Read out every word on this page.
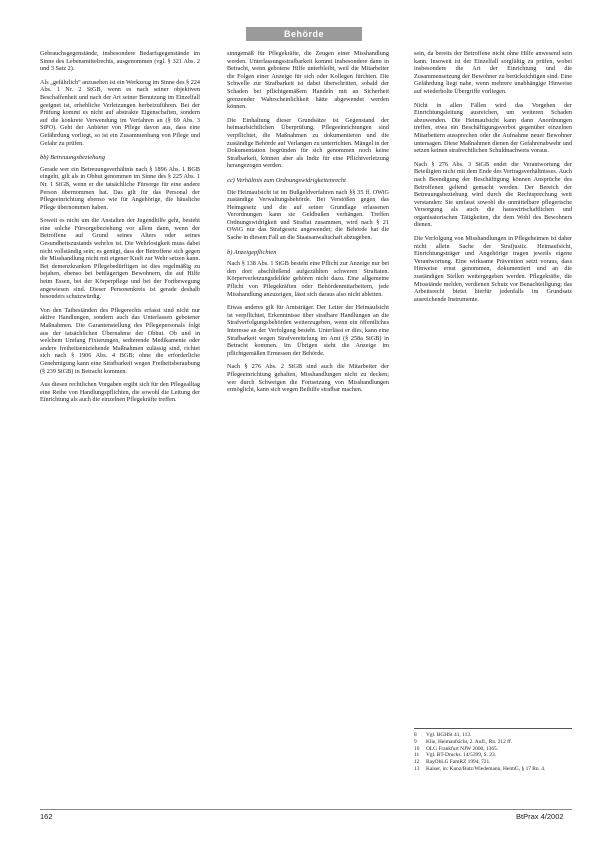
Behörde

Gebrauchsgegenstände, insbesondere Bedarfsgegenstände im Sinne des Lebensmittelrechts, ausgenommen (vgl. § 321 Abs. 2 und 3 Satz 2).

Als „gefährlich“ anzusehen ist ein Werkzeug im Sinne des § 224 Abs. 1 Nr. 2 StGB, wenn es nach seiner objektiven Beschaffenheit und nach der Art seiner Benutzung im Einzelfall geeignet ist, erhebliche Verletzungen herbeizuführen. Bei der Prüfung kommt es nicht auf abstrakte Eigenschaften, sondern auf die konkrete Verwendung im Verfahren an (§ 69 Abs. 3 StPO). Geht der Anbieter von Pflege davon aus, dass eine Gefährdung vorliegt, so ist ein Zusammenhang von Pflege und Gefahr zu prüfen.

bb) Betreuungsbeziehung

Gerade wer ein Betreuungsverhältnis nach § 1896 Abs. 1 BGB eingeht, gilt als in Obhut genommen im Sinne des § 225 Abs. 1 Nr. 1 StGB, wenn er die tatsächliche Fürsorge für eine andere Person übernommen hat. Das gilt für das Personal der Pflegeeinrichtung ebenso wie für Angehörige, die häusliche Pflege übernommen haben.

Soweit es nicht um die Anstalten der Jugendhilfe geht, besteht eine solche Fürsorgebeziehung vor allem dann, wenn der Betroffene auf Grund seines Alters oder seines Gesundheitszustands wehrlos ist. Die Wehrlosigkeit muss dabei nicht vollständig sein; es genügt, dass der Betroffene sich gegen die Misshandlung nicht mit eigener Kraft zur Wehr setzen kann. Bei demenzkranken Pflegebedürftigen ist dies regelmäßig zu bejahen, ebenso bei bettlägerigen Bewohnern, die auf Hilfe beim Essen, bei der Körperpflege und bei der Fortbewegung angewiesen sind. Dieser Personenkreis ist gerade deshalb besonders schutzwürdig.

Von den Tatbeständen des Pflegerechts erfasst sind nicht nur aktive Handlungen, sondern auch das Unterlassen gebotener Maßnahmen. Die Garantenstellung des Pflegepersonals folgt aus der tatsächlichen Übernahme der Obhut. Ob und in welchem Umfang Fixierungen, sedierende Medikamente oder andere freiheitsentziehende Maßnahmen zulässig sind, richtet sich nach § 1906 Abs. 4 BGB; ohne die erforderliche Genehmigung kann eine Strafbarkeit wegen Freiheitsberaubung (§ 239 StGB) in Betracht kommen.

Aus diesen rechtlichen Vorgaben ergibt sich für den Pflegealltag eine Reihe von Handlungspflichten, die sowohl die Leitung der Einrichtung als auch die einzelnen Pflegekräfte treffen.

sinngemäß für Pflegekräfte, die Zeugen einer Misshandlung werden. Unterlassungsstrafbarkeit kommt insbesondere dann in Betracht, wenn gebotene Hilfe unterbleibt, weil die Mitarbeiter die Folgen einer Anzeige für sich oder Kollegen fürchten. Die Schwelle zur Strafbarkeit ist dabei überschritten, sobald der Schaden bei pflichtgemäßem Handeln mit an Sicherheit grenzender Wahrscheinlichkeit hätte abgewendet werden können.

Die Einhaltung dieser Grundsätze ist Gegenstand der heimaufsichtlichen Überprüfung. Pflegeeinrichtungen sind verpflichtet, die Maßnahmen zu dokumentieren und die zuständige Behörde auf Verlangen zu unterrichten. Mängel in der Dokumentation begründen für sich genommen noch keine Strafbarkeit, können aber als Indiz für eine Pflichtverletzung herangezogen werden.

cc) Verhältnis zum Ordnungswidrigkeitenrecht

Die Heimaufsicht ist im Bußgeldverfahren nach §§ 35 ff. OWiG zuständige Verwaltungsbehörde. Bei Verstößen gegen das Heimgesetz und die auf seiner Grundlage erlassenen Verordnungen kann sie Geldbußen verhängen. Treffen Ordnungswidrigkeit und Straftat zusammen, wird nach § 21 OWiG nur das Strafgesetz angewendet; die Behörde hat die Sache in diesem Fall an die Staatsanwaltschaft abzugeben.

b) Anzeigepflichten

Nach § 138 Abs. 1 StGB besteht eine Pflicht zur Anzeige nur bei den dort abschließend aufgezählten schweren Straftaten. Körperverletzungsdelikte gehören nicht dazu. Eine allgemeine Pflicht von Pflegekräften oder Behördenmitarbeitern, jede Misshandlung anzuzeigen, lässt sich daraus also nicht ableiten.

Etwas anderes gilt für Amtsträger. Der Leiter der Heimaufsicht ist verpflichtet, Erkenntnisse über strafbare Handlungen an die Strafverfolgungsbehörden weiterzugeben, wenn ein öffentliches Interesse an der Verfolgung besteht. Unterlässt er dies, kann eine Strafbarkeit wegen Strafvereitelung im Amt (§ 258a StGB) in Betracht kommen. Im Übrigen steht die Anzeige im pflichtgemäßen Ermessen der Behörde.

Nach § 276 Abs. 2 StGB sind auch die Mitarbeiter der Pflegeeinrichtung gehalten, Misshandlungen nicht zu decken; wer durch Schweigen die Fortsetzung von Misshandlungen ermöglicht, kann sich wegen Beihilfe strafbar machen.

sein, da bereits der Betroffene nicht ohne Hilfe anwesend sein kann. Insoweit ist der Einzelfall sorgfältig zu prüfen, wobei insbesondere die Art der Einrichtung und die Zusammensetzung der Bewohner zu berücksichtigen sind. Eine Gefährdung liegt nahe, wenn mehrere unabhängige Hinweise auf wiederholte Übergriffe vorliegen.

Nicht in allen Fällen wird das Vorgehen der Einrichtungsleitung ausreichen, um weiteren Schaden abzuwenden. Die Heimaufsicht kann dann Anordnungen treffen, etwa ein Beschäftigungsverbot gegenüber einzelnen Mitarbeitern aussprechen oder die Aufnahme neuer Bewohner untersagen. Diese Maßnahmen dienen der Gefahrenabwehr und setzen keinen strafrechtlichen Schuldnachweis voraus.

Nach § 276 Abs. 3 StGB endet die Verantwortung der Beteiligten nicht mit dem Ende des Vertragsverhältnisses. Auch nach Beendigung der Beschäftigung können Ansprüche des Betroffenen geltend gemacht werden. Der Bereich der Betreuungsbeziehung wird durch die Rechtsprechung weit verstanden: Sie umfasst sowohl die unmittelbare pflegerische Versorgung als auch die hauswirtschaftlichen und organisatorischen Tätigkeiten, die dem Wohl des Bewohners dienen.

Die Verfolgung von Misshandlungen in Pflegeheimen ist daher nicht allein Sache der Strafjustiz. Heimaufsicht, Einrichtungsträger und Angehörige tragen jeweils eigene Verantwortung. Eine wirksame Prävention setzt voraus, dass Hinweise ernst genommen, dokumentiert und an die zuständigen Stellen weitergegeben werden. Pflegekräfte, die Missstände melden, verdienen Schutz vor Benachteiligung; das Arbeitsrecht bietet hierfür jedenfalls im Grundsatz ausreichende Instrumente.

8 Vgl. BGHSt 41, 113.
9 Klie, Heimaufsicht, 2. Aufl., Rn. 212 ff.
10 OLG Frankfurt NJW 2000, 1365.
11 Vgl. BT-Drucks. 14/5399, S. 23.
12 BayObLG FamRZ 1994, 721.
13 Kaiser, in: Kunz/Butz/Wiedemann, HeimG, § 17 Rn. 4.
162	BtPrax 4/2002
